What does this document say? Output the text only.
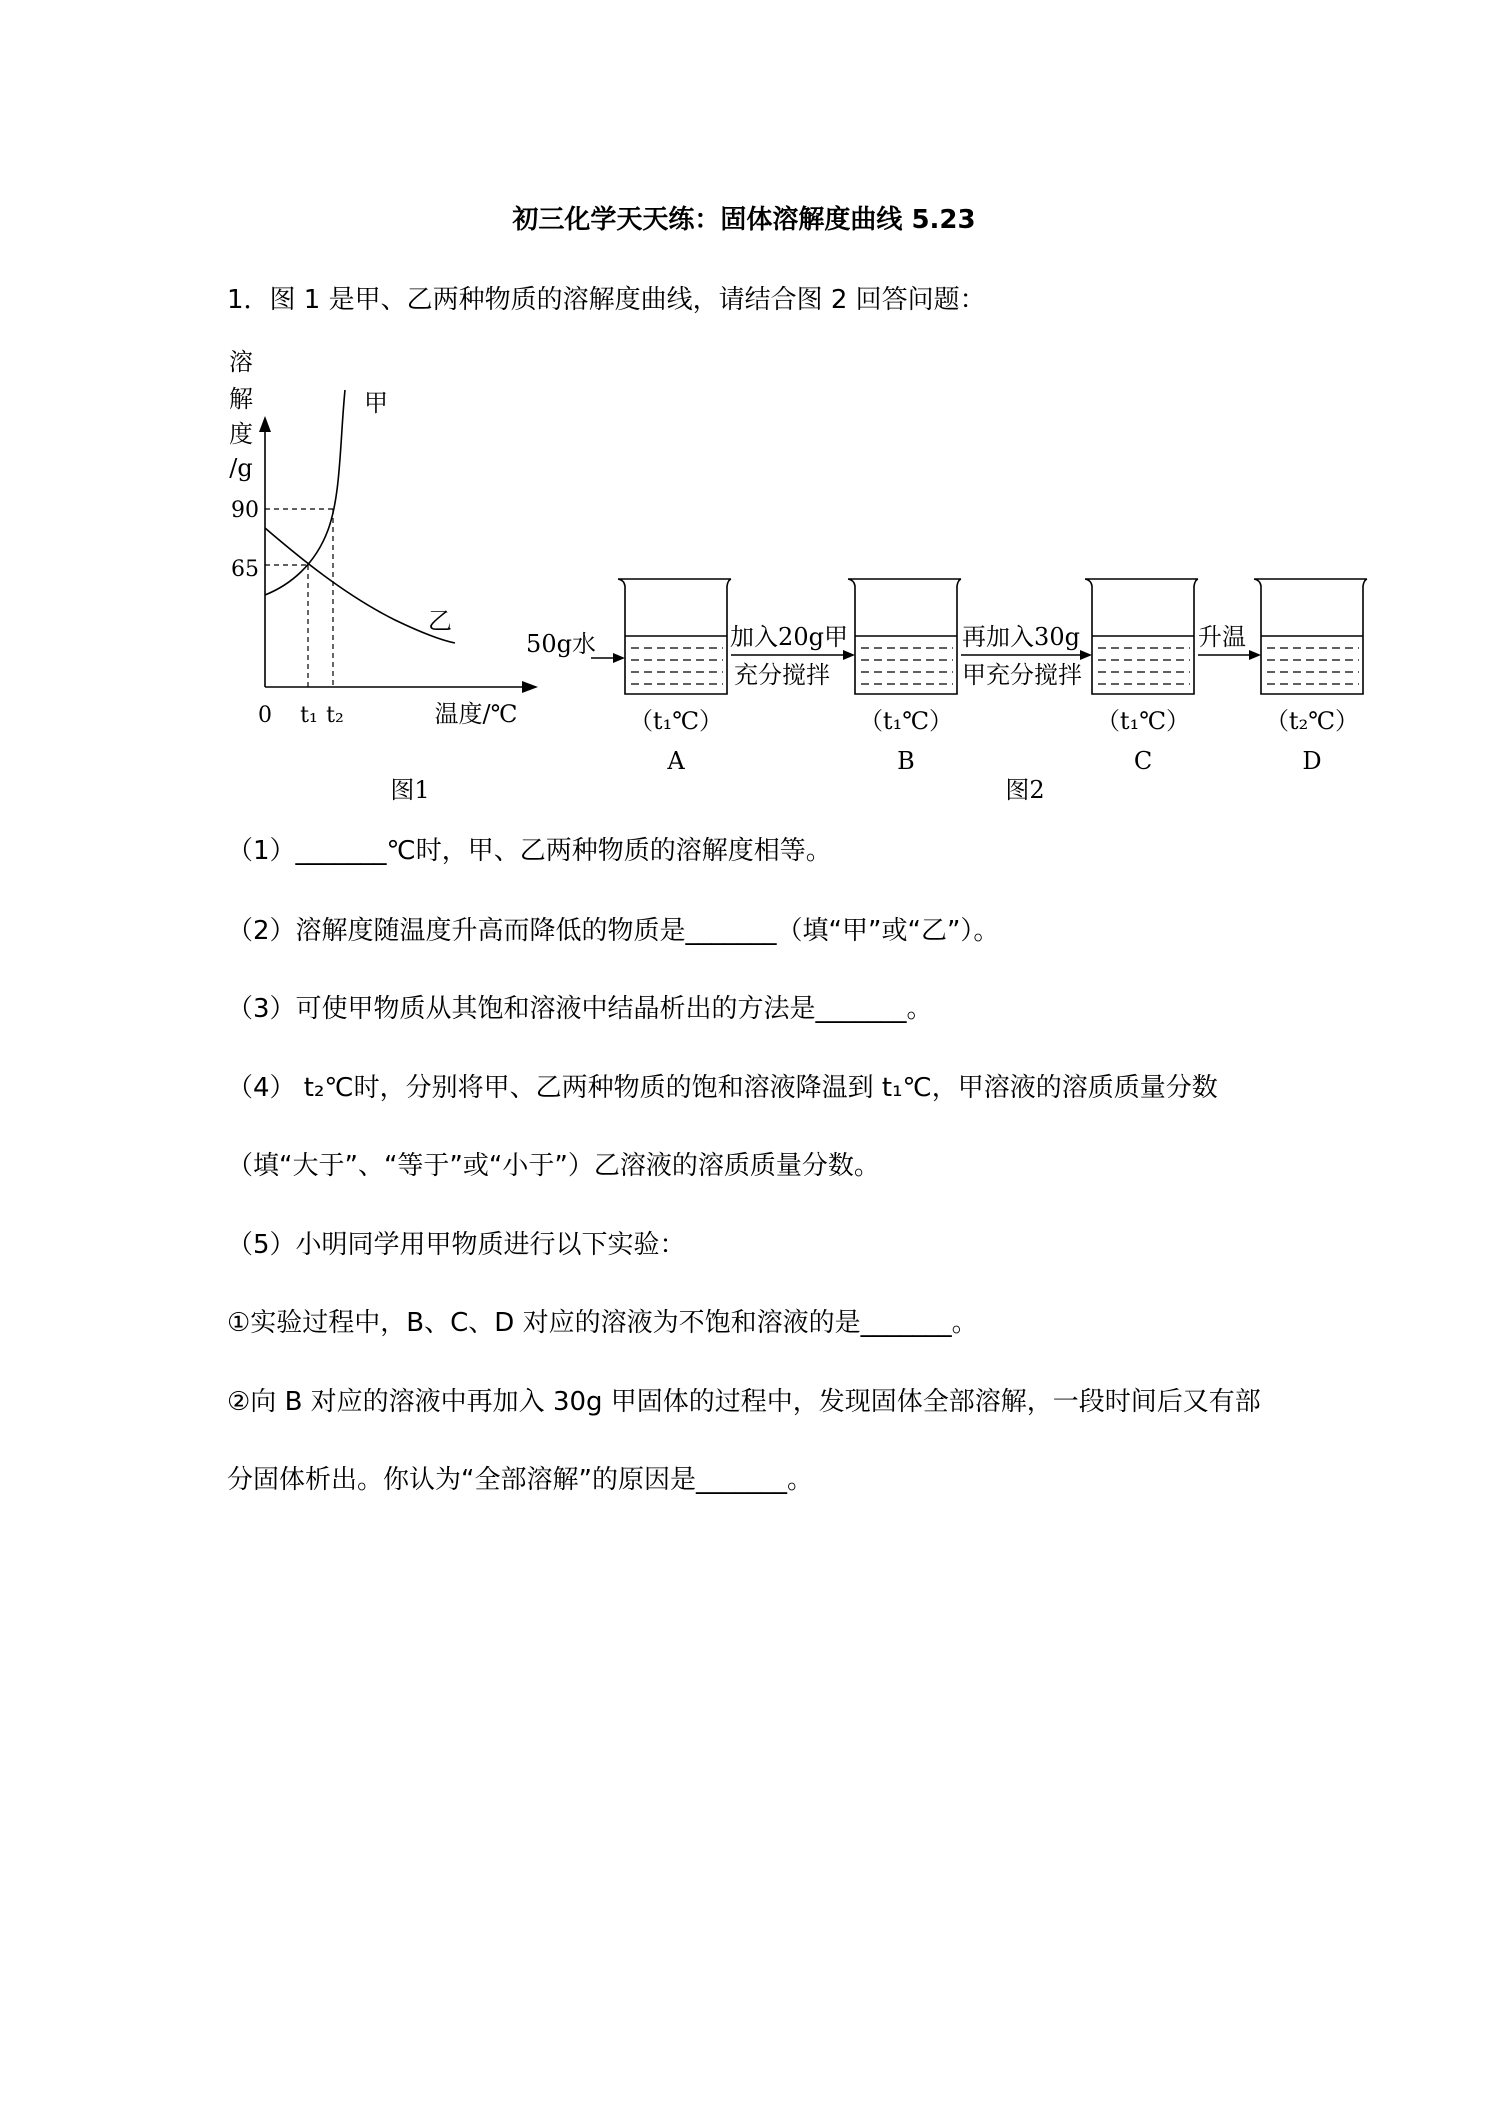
初三化学天天练：固体溶解度曲线 5.23
1．图 1 是甲、乙两种物质的溶解度曲线，请结合图 2 回答问题：
溶
解
度
/g
甲
乙
90
65
0 t₁ t₂	温度/℃
图1
50g水
（t₁℃）
A
加入20g甲
充分搅拌
（t₁℃）
B
再加入30g
甲充分搅拌
（t₁℃）
C
升温
（t₂℃）
D
图2
（1）_______℃时，甲、乙两种物质的溶解度相等。
（2）溶解度随温度升高而降低的物质是_______（填“甲”或“乙”）。
（3）可使甲物质从其饱和溶液中结晶析出的方法是_______。
（4） t₂℃时，分别将甲、乙两种物质的饱和溶液降温到 t₁℃，甲溶液的溶质质量分数
（填“大于”、“等于”或“小于”）乙溶液的溶质质量分数。
（5）小明同学用甲物质进行以下实验：
①实验过程中，B、C、D 对应的溶液为不饱和溶液的是_______。
②向 B 对应的溶液中再加入 30g 甲固体的过程中，发现固体全部溶解，一段时间后又有部
分固体析出。你认为“全部溶解”的原因是_______。
